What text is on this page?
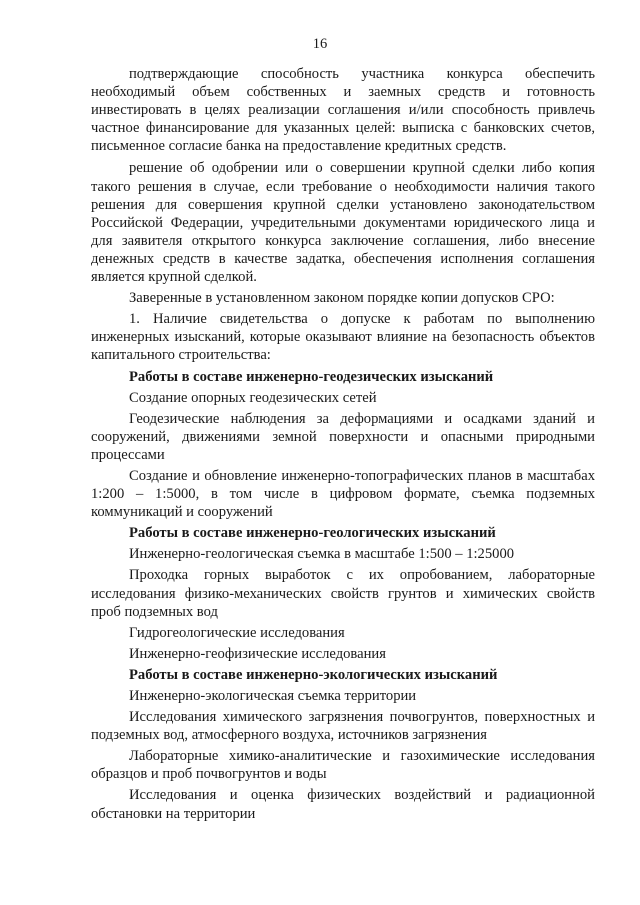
16

подтверждающие способность участника конкурса обеспечить необходимый объем собственных и заемных средств и готовность инвестировать в целях реализации соглашения и/или способность привлечь частное финансирование для указанных целей: выписка с банковских счетов, письменное согласие банка на предоставление кредитных средств.

решение об одобрении или о совершении крупной сделки либо копия такого решения в случае, если требование о необходимости наличия такого решения для совершения крупной сделки установлено законодательством Российской Федерации, учредительными документами юридического лица и для заявителя открытого конкурса заключение соглашения, либо внесение денежных средств в качестве задатка, обеспечения исполнения соглашения является крупной сделкой.

Заверенные в установленном законом порядке копии допусков СРО:

1. Наличие свидетельства о допуске к работам по выполнению инженерных изысканий, которые оказывают влияние на безопасность объектов капитального строительства:

Работы в составе инженерно-геодезических изысканий

Создание опорных геодезических сетей

Геодезические наблюдения за деформациями и осадками зданий и сооружений, движениями земной поверхности и опасными природными процессами

Создание и обновление инженерно-топографических планов в масштабах 1:200 – 1:5000, в том числе в цифровом формате, съемка подземных коммуникаций и сооружений

Работы в составе инженерно-геологических изысканий

Инженерно-геологическая съемка в масштабе 1:500 – 1:25000

Проходка горных выработок с их опробованием, лабораторные исследования физико-механических свойств грунтов и химических свойств проб подземных вод

Гидрогеологические исследования

Инженерно-геофизические исследования

Работы в составе инженерно-экологических изысканий

Инженерно-экологическая съемка территории

Исследования химического загрязнения почвогрунтов, поверхностных и подземных вод, атмосферного воздуха, источников загрязнения

Лабораторные химико-аналитические и газохимические исследования образцов и проб почвогрунтов и воды

Исследования и оценка физических воздействий и радиационной обстановки на территории
